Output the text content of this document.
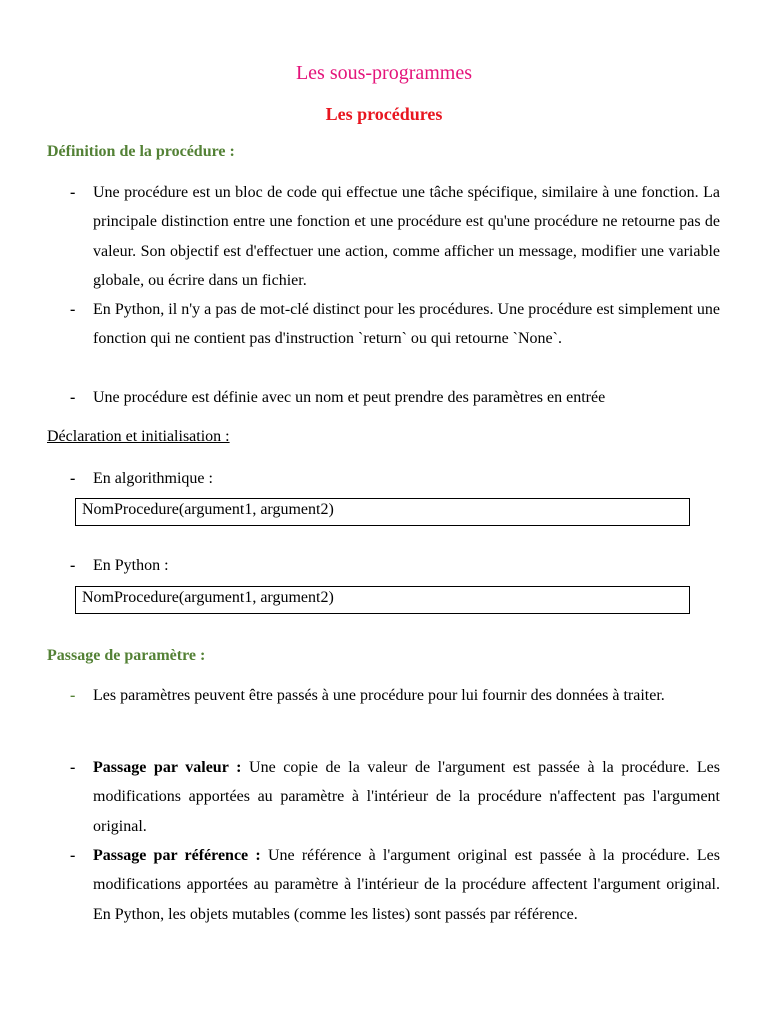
Les sous-programmes
Les procédures
Définition de la procédure :
- Une procédure est un bloc de code qui effectue une tâche spécifique, similaire à une fonction. La principale distinction entre une fonction et une procédure est qu'une procédure ne retourne pas de valeur. Son objectif est d'effectuer une action, comme afficher un message, modifier une variable globale, ou écrire dans un fichier.
- En Python, il n'y a pas de mot-clé distinct pour les procédures. Une procédure est simplement une fonction qui ne contient pas d'instruction `return` ou qui retourne `None`.
- Une procédure est définie avec un nom et peut prendre des paramètres en entrée
Déclaration et initialisation :
- En algorithmique :
NomProcedure(argument1, argument2)
- En Python :
NomProcedure(argument1, argument2)
Passage de paramètre :
- Les paramètres peuvent être passés à une procédure pour lui fournir des données à traiter.
- Passage par valeur : Une copie de la valeur de l'argument est passée à la procédure. Les modifications apportées au paramètre à l'intérieur de la procédure n'affectent pas l'argument original.
- Passage par référence : Une référence à l'argument original est passée à la procédure. Les modifications apportées au paramètre à l'intérieur de la procédure affectent l'argument original. En Python, les objets mutables (comme les listes) sont passés par référence.
